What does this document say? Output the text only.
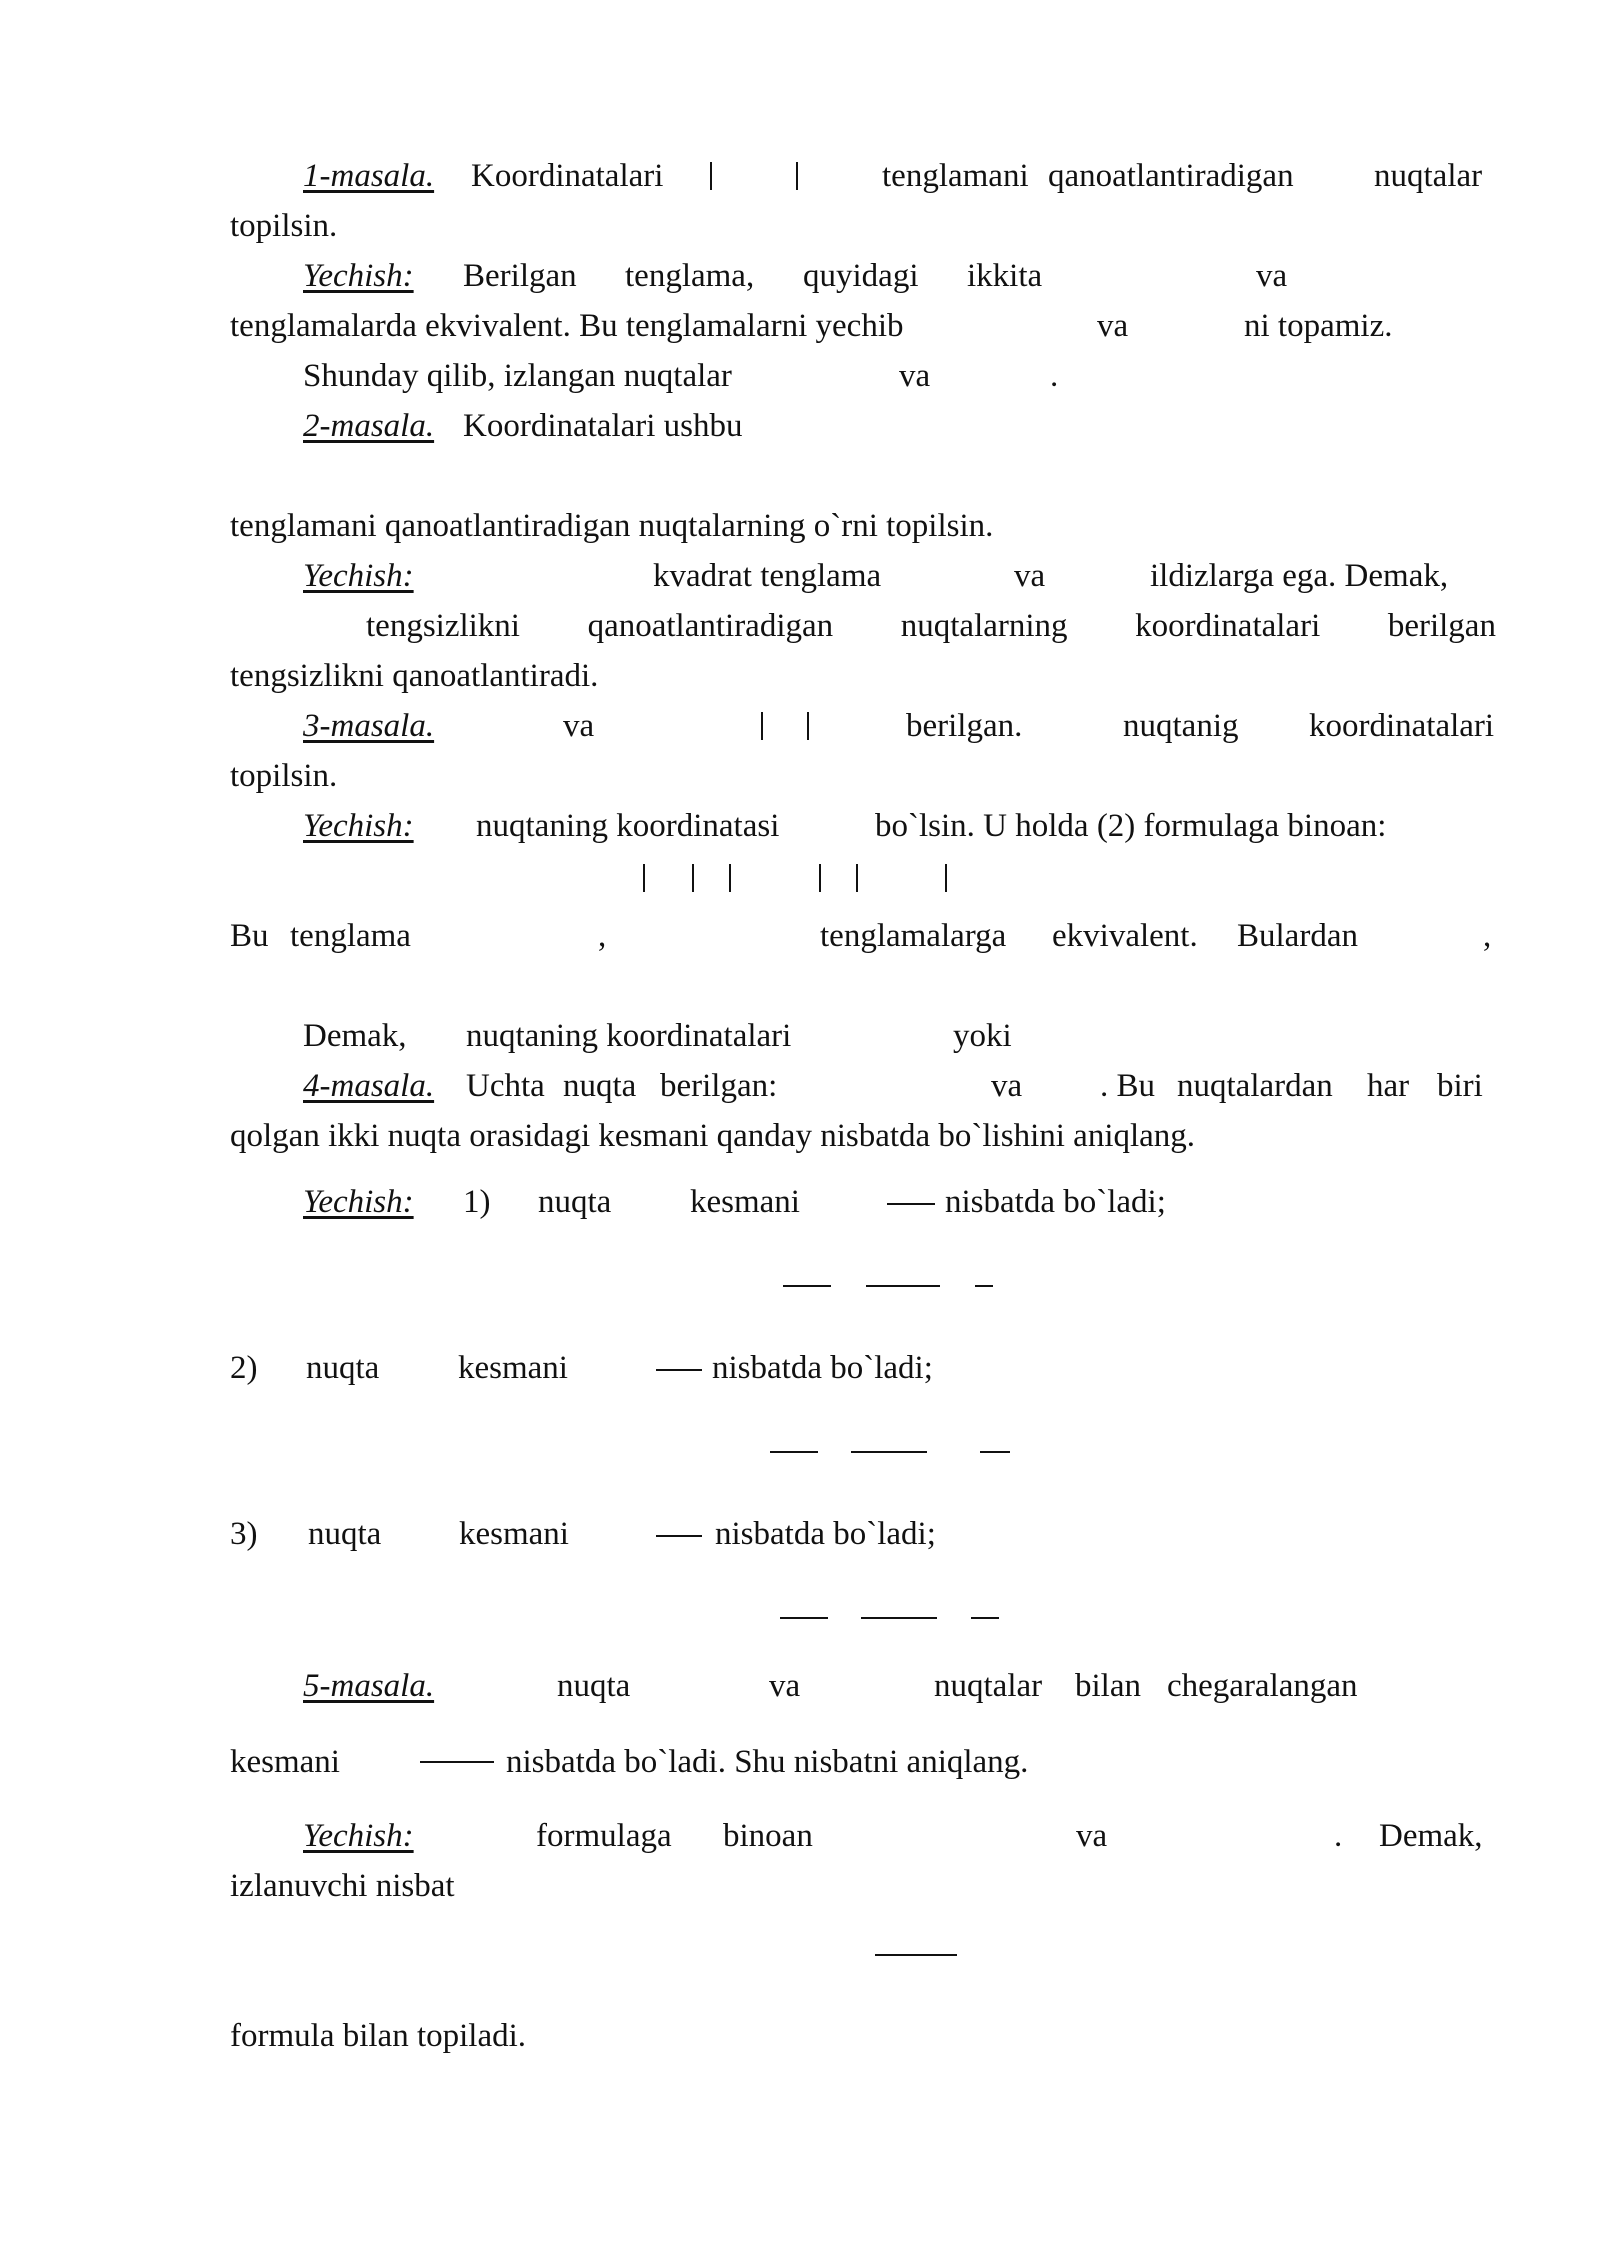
1-masala. Koordinatalari	tenglamani qanoatlantiradigan nuqtalar
topilsin.
Yechish: Berilgan tenglama, quyidagi ikkita	va
tenglamalarda ekvivalent. Bu tenglamalarni yechib	va	ni topamiz.
Shunday qilib, izlangan nuqtalar	va	.
2-masala. Koordinatalari ushbu
tenglamani qanoatlantiradigan nuqtalarning o`rni topilsin.
Yechish:	kvadrat tenglama	va	ildizlarga ega. Demak,
tengsizlikni qanoatlantiradigan nuqtalarning koordinatalari berilgan
tengsizlikni qanoatlantiradi.
3-masala.	va	berilgan.	nuqtanig koordinatalari
topilsin.
Yechish: nuqtaning koordinatasi	bo`lsin. U holda (2) formulaga binoan:
Bu tenglama	,	tenglamalarga ekvivalent. Bulardan	,
Demak, nuqtaning koordinatalari	yoki
4-masala. Uchta nuqta berilgan:	va . Bu nuqtalardan har biri
qolgan ikki nuqta orasidagi kesmani qanday nisbatda bo`lishini aniqlang.
Yechish: 1) nuqta kesmani	nisbatda bo`ladi;
2) nuqta kesmani	nisbatda bo`ladi;
3) nuqta kesmani	nisbatda bo`ladi;
5-masala.	nuqta	va	nuqtalar bilan chegaralangan
kesmani	nisbatda bo`ladi. Shu nisbatni aniqlang.
Yechish:	formulaga binoan	va	. Demak,
izlanuvchi nisbat
formula bilan topiladi.
